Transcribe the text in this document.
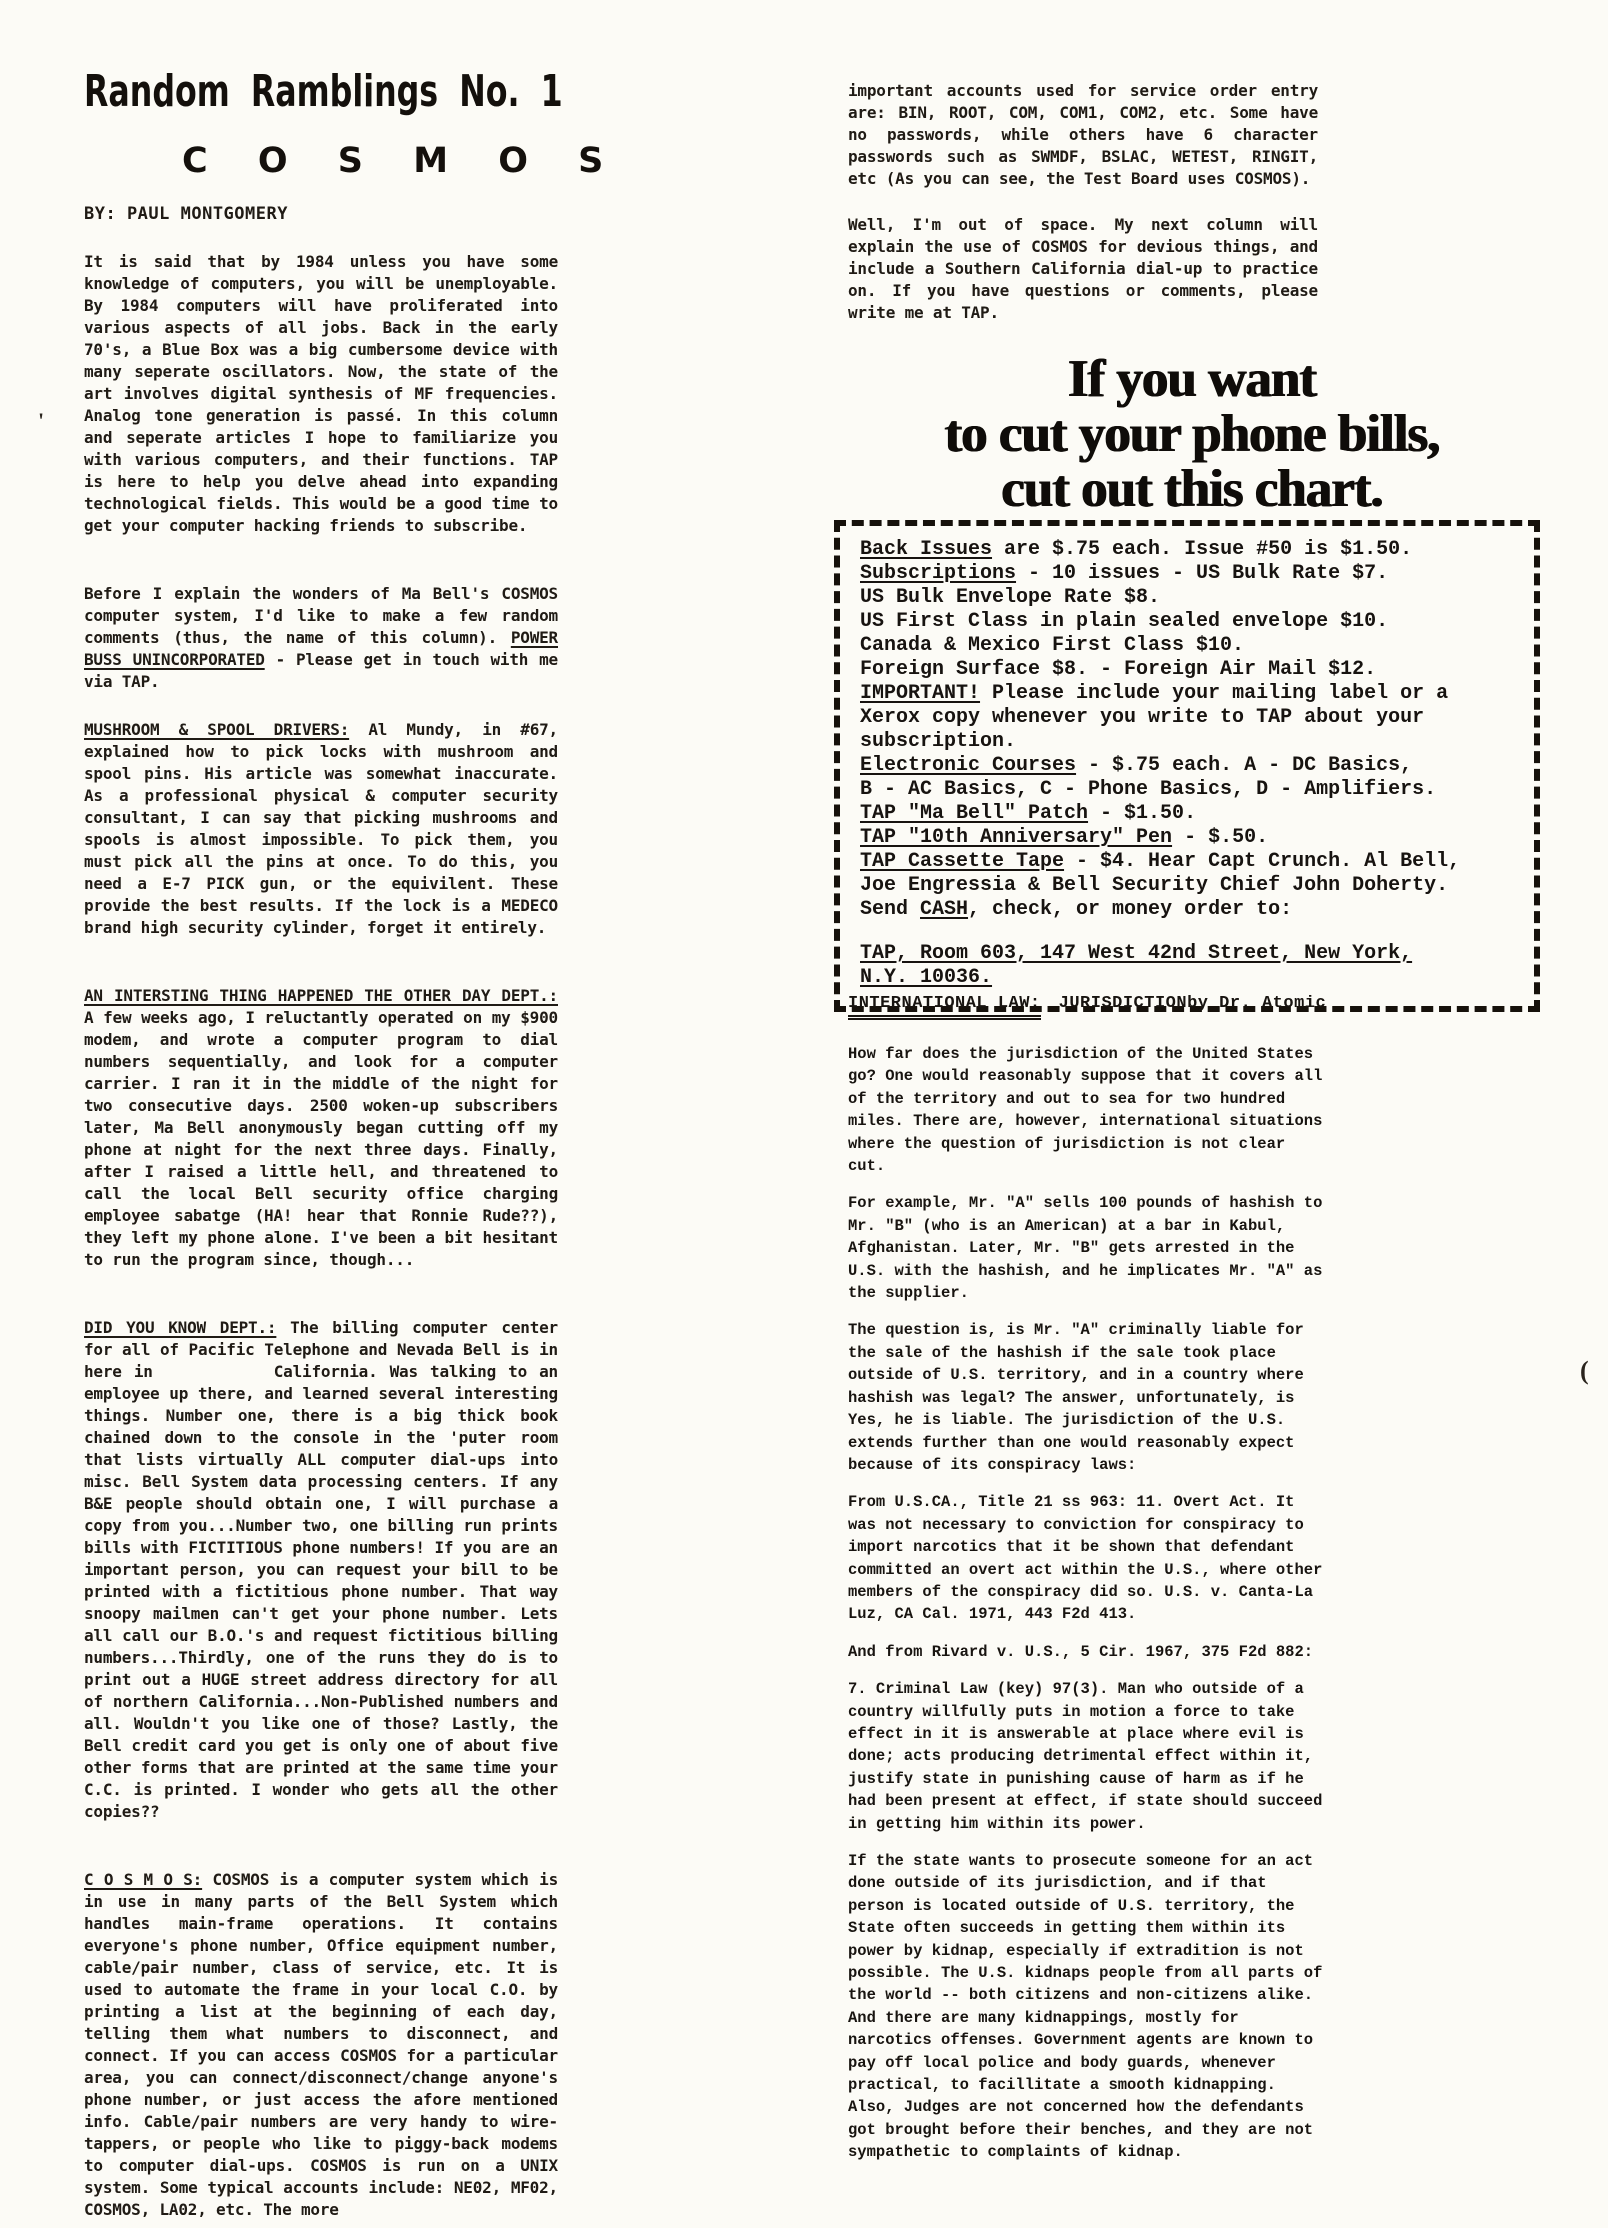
Random Ramblings No. 1
C O S M O S
BY: PAUL MONTGOMERY

It is said that by 1984 unless you have some knowledge of computers, you will be unemployable. By 1984 computers will have proliferated into various aspects of all jobs. Back in the early 70's, a Blue Box was a big cumbersome device with many seperate oscillators. Now, the state of the art involves digital synthesis of MF frequencies. Analog tone generation is passé. In this column and seperate articles I hope to familiarize you with various computers, and their functions. TAP is here to help you delve ahead into expanding technological fields. This would be a good time to get your computer hacking friends to subscribe.

Before I explain the wonders of Ma Bell's COSMOS computer system, I'd like to make a few random comments (thus, the name of this column). POWER BUSS UNINCORPORATED - Please get in touch with me via TAP.

MUSHROOM & SPOOL DRIVERS: Al Mundy, in #67, explained how to pick locks with mushroom and spool pins. His article was somewhat inaccurate. As a professional physical & computer security consultant, I can say that picking mushrooms and spools is almost impossible. To pick them, you must pick all the pins at once. To do this, you need a E-7 PICK gun, or the equivilent. These provide the best results. If the lock is a MEDECO brand high security cylinder, forget it entirely.

AN INTERSTING THING HAPPENED THE OTHER DAY DEPT.: A few weeks ago, I reluctantly operated on my $900 modem, and wrote a computer program to dial numbers sequentially, and look for a computer carrier. I ran it in the middle of the night for two consecutive days. 2500 woken-up subscribers later, Ma Bell anonymously began cutting off my phone at night for the next three days. Finally, after I raised a little hell, and threatened to call the local Bell security office charging employee sabatge (HA! hear that Ronnie Rude??), they left my phone alone. I've been a bit hesitant to run the program since, though...

DID YOU KNOW DEPT.: The billing computer center for all of Pacific Telephone and Nevada Bell is in here in          California. Was talking to an employee up there, and learned several interesting things. Number one, there is a big thick book chained down to the console in the 'puter room that lists virtually ALL computer dial-ups into misc. Bell System data processing centers. If any B&E people should obtain one, I will purchase a copy from you...Number two, one billing run prints bills with FICTITIOUS phone numbers! If you are an important person, you can request your bill to be printed with a fictitious phone number. That way snoopy mailmen can't get your phone number. Lets all call our B.O.'s and request fictitious billing numbers...Thirdly, one of the runs they do is to print out a HUGE street address directory for all of northern California...Non-Published numbers and all. Wouldn't you like one of those? Lastly, the Bell credit card you get is only one of about five other forms that are printed at the same time your C.C. is printed. I wonder who gets all the other copies??

C O S M O S: COSMOS is a computer system which is in use in many parts of the Bell System which handles main-frame operations. It contains everyone's phone number, Office equipment number, cable/pair number, class of service, etc. It is used to automate the frame in your local C.O. by printing a list at the beginning of each day, telling them what numbers to disconnect, and connect. If you can access COSMOS for a particular area, you can connect/disconnect/change anyone's phone number, or just access the afore mentioned info. Cable/pair numbers are very handy to wire-tappers, or people who like to piggy-back modems to computer dial-ups. COSMOS is run on a UNIX system. Some typical accounts include: NE02, MF02, COSMOS, LA02, etc. The more

important accounts used for service order entry are: BIN, ROOT, COM, COM1, COM2, etc. Some have no passwords, while others have 6 character passwords such as SWMDF, BSLAC, WETEST, RINGIT, etc (As you can see, the Test Board uses COSMOS).

Well, I'm out of space. My next column will explain the use of COSMOS for devious things, and include a Southern California dial-up to practice on. If you have questions or comments, please write me at TAP.

If you want
to cut your phone bills,
cut out this chart.
Back Issues are $.75 each. Issue #50 is $1.50.
Subscriptions - 10 issues - US Bulk Rate $7.
US Bulk Envelope Rate $8.
US First Class in plain sealed envelope $10.
Canada & Mexico First Class $10.
Foreign Surface $8. - Foreign Air Mail $12.
IMPORTANT! Please include your mailing label or a
Xerox copy whenever you write to TAP about your
subscription.
Electronic Courses - $.75 each. A - DC Basics,
B - AC Basics, C - Phone Basics, D - Amplifiers.
TAP "Ma Bell" Patch - $1.50.
TAP "10th Anniversary" Pen - $.50.
TAP Cassette Tape - $4. Hear Capt Crunch. Al Bell,
Joe Engressia & Bell Security Chief John Doherty.
Send CASH, check, or money order to:
TAP, Room 603, 147 West 42nd Street, New York,
N.Y. 10036.
INTERNATIONAL LAW: JURISDICTION by Dr. Atomic

How far does the jurisdiction of the United States go? One would reasonably suppose that it covers all of the territory and out to sea for two hundred miles. There are, however, international situations where the question of jurisdiction is not clear cut.

For example, Mr. "A" sells 100 pounds of hashish to Mr. "B" (who is an American) at a bar in Kabul, Afghanistan. Later, Mr. "B" gets arrested in the U.S. with the hashish, and he implicates Mr. "A" as the supplier.

The question is, is Mr. "A" criminally liable for the sale of the hashish if the sale took place outside of U.S. territory, and in a country where hashish was legal? The answer, unfortunately, is Yes, he is liable. The jurisdiction of the U.S. extends further than one would reasonably expect because of its conspiracy laws:

From U.S.CA., Title 21 ss 963: 11. Overt Act. It was not necessary to conviction for conspiracy to import narcotics that it be shown that defendant committed an overt act within the U.S., where other members of the conspiracy did so. U.S. v. Canta-La Luz, CA Cal. 1971, 443 F2d 413.

And from Rivard v. U.S., 5 Cir. 1967, 375 F2d 882:

7. Criminal Law (key) 97(3). Man who outside of a country willfully puts in motion a force to take effect in it is answerable at place where evil is done; acts producing detrimental effect within it, justify state in punishing cause of harm as if he had been present at effect, if state should succeed in getting him within its power.

If the state wants to prosecute someone for an act done outside of its jurisdiction, and if that person is located outside of U.S. territory, the State often succeeds in getting them within its power by kidnap, especially if extradition is not possible. The U.S. kidnaps people from all parts of the world -- both citizens and non-citizens alike. And there are many kidnappings, mostly for narcotics offenses. Government agents are known to pay off local police and body guards, whenever practical, to facillitate a smooth kidnapping. Also, Judges are not concerned how the defendants got brought before their benches, and they are not sympathetic to complaints of kidnap.

'
(
